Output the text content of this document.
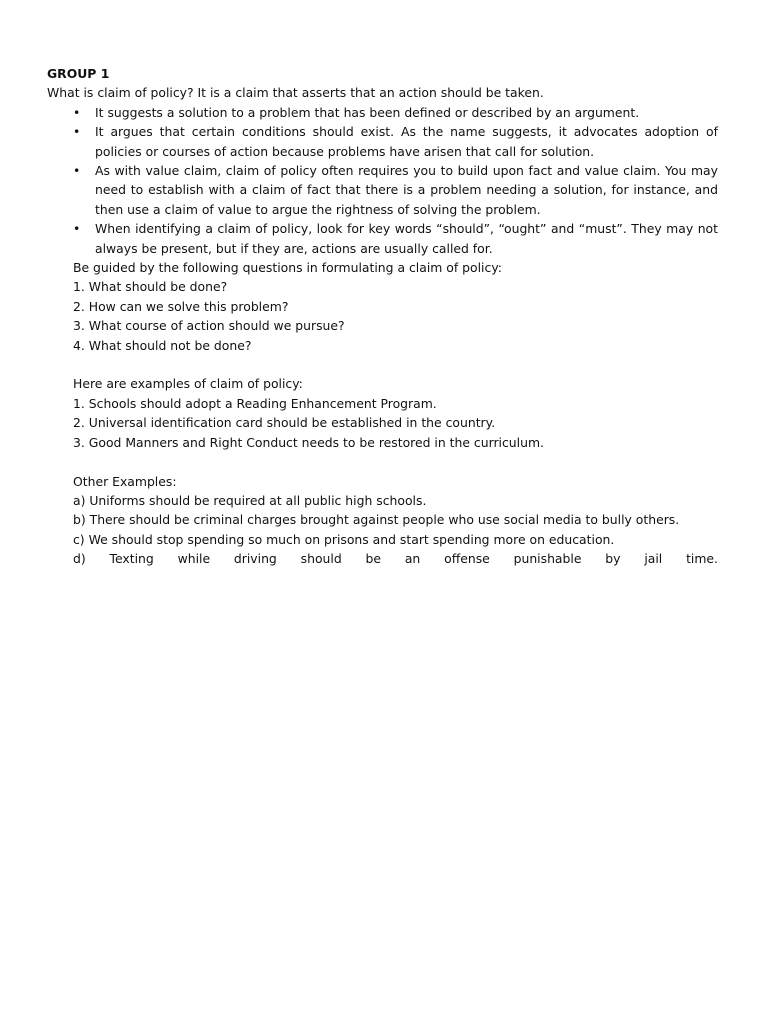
GROUP 1
What is claim of policy? It is a claim that asserts that an action should be taken.
• It suggests a solution to a problem that has been defined or described by an argument.
• It argues that certain conditions should exist. As the name suggests, it advocates adoption of policies or courses of action because problems have arisen that call for solution.
• As with value claim, claim of policy often requires you to build upon fact and value claim. You may need to establish with a claim of fact that there is a problem needing a solution, for instance, and then use a claim of value to argue the rightness of solving the problem.
• When identifying a claim of policy, look for key words “should”, “ought” and “must”. They may not always be present, but if they are, actions are usually called for.
Be guided by the following questions in formulating a claim of policy:
1. What should be done?
2. How can we solve this problem?
3. What course of action should we pursue?
4. What should not be done?
Here are examples of claim of policy:
1. Schools should adopt a Reading Enhancement Program.
2. Universal identification card should be established in the country.
3. Good Manners and Right Conduct needs to be restored in the curriculum.
Other Examples:
a) Uniforms should be required at all public high schools.
b) There should be criminal charges brought against people who use social media to bully others.
c) We should stop spending so much on prisons and start spending more on education.
d) Texting while driving should be an offense punishable by jail time.
